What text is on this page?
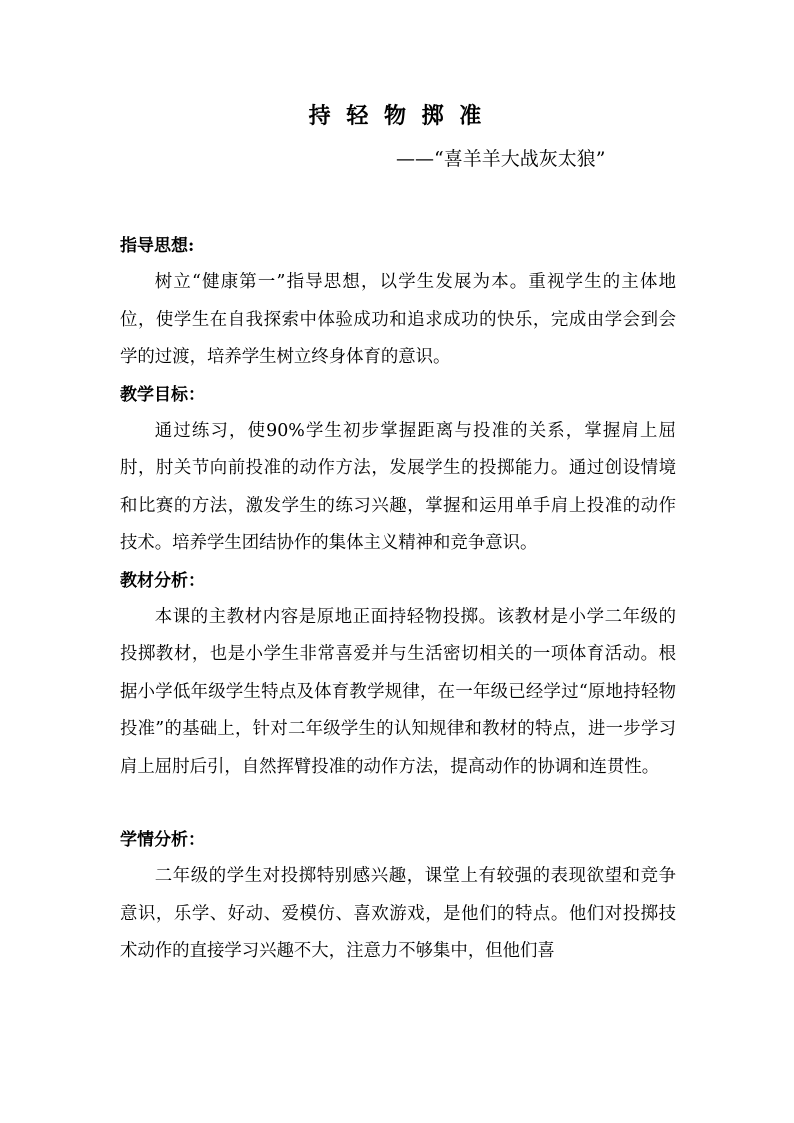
持 轻 物 掷 准

——“喜羊羊大战灰太狼”

指导思想:

树立“健康第一”指导思想，以学生发展为本。重视学生的主体地位，使学生在自我探索中体验成功和追求成功的快乐，完成由学会到会学的过渡，培养学生树立终身体育的意识。

教学目标：

通过练习，使90%学生初步掌握距离与投准的关系，掌握肩上屈肘，肘关节向前投准的动作方法，发展学生的投掷能力。通过创设情境和比赛的方法，激发学生的练习兴趣，掌握和运用单手肩上投准的动作技术。培养学生团结协作的集体主义精神和竞争意识。

教材分析：

本课的主教材内容是原地正面持轻物投掷。该教材是小学二年级的投掷教材，也是小学生非常喜爱并与生活密切相关的一项体育活动。根据小学低年级学生特点及体育教学规律，在一年级已经学过“原地持轻物投准”的基础上，针对二年级学生的认知规律和教材的特点，进一步学习肩上屈肘后引，自然挥臂投准的动作方法，提高动作的协调和连贯性。

学情分析：

二年级的学生对投掷特别感兴趣，课堂上有较强的表现欲望和竞争意识，乐学、好动、爱模仿、喜欢游戏，是他们的特点。他们对投掷技术动作的直接学习兴趣不大，注意力不够集中，但他们喜
